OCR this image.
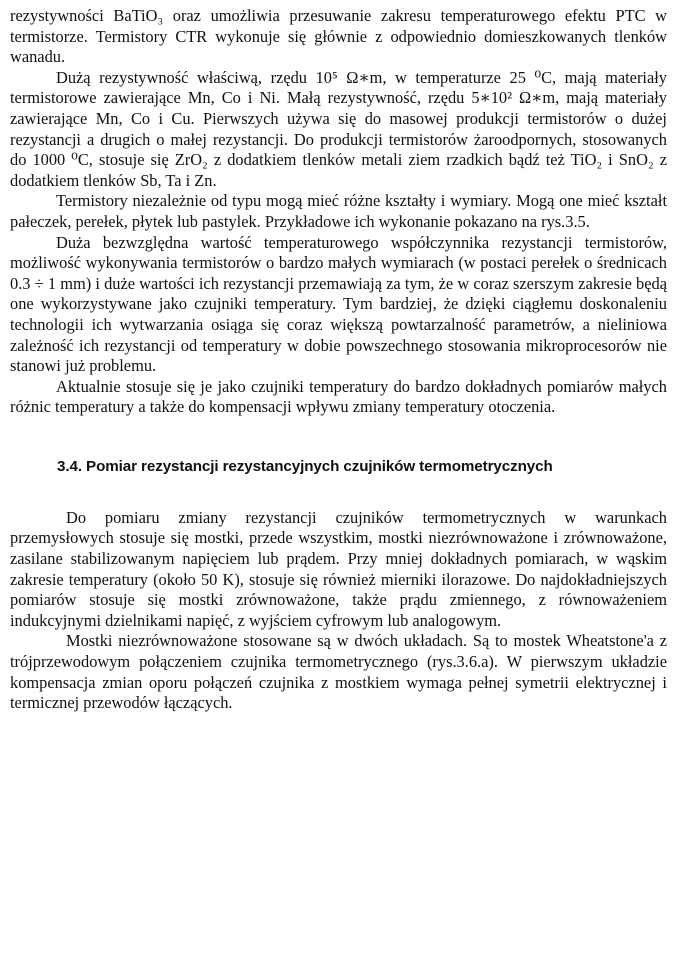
rezystywności BaTiO₃ oraz umożliwia przesuwanie zakresu temperaturowego efektu PTC w termistorze. Termistory CTR wykonuje się głównie z odpowiednio domieszkowanych tlenków wanadu.

Dużą rezystywność właściwą, rzędu 10⁵ Ω∗m, w temperaturze 25 ⁰C, mają materiały termistorowe zawierające Mn, Co i Ni. Małą rezystywność, rzędu 5∗10² Ω∗m, mają materiały zawierające Mn, Co i Cu. Pierwszych używa się do masowej produkcji termistorów o dużej rezystancji a drugich o małej rezystancji. Do produkcji termistorów żaroodpornych, stosowanych do 1000 ⁰C, stosuje się ZrO₂ z dodatkiem tlenków metali ziem rzadkich bądź też TiO₂ i SnO₂ z dodatkiem tlenków Sb, Ta i Zn.

Termistory niezależnie od typu mogą mieć różne kształty i wymiary. Mogą one mieć kształt pałeczek, perełek, płytek lub pastylek. Przykładowe ich wykonanie pokazano na rys.3.5.

Duża bezwzględna wartość temperaturowego współczynnika rezystancji termistorów, możliwość wykonywania termistorów o bardzo małych wymiarach (w postaci perełek o średnicach 0.3 ÷ 1 mm) i duże wartości ich rezystancji przemawiają za tym, że w coraz szerszym zakresie będą one wykorzystywane jako czujniki temperatury. Tym bardziej, że dzięki ciągłemu doskonaleniu technologii ich wytwarzania osiąga się coraz większą powtarzalność parametrów, a nieliniowa zależność ich rezystancji od temperatury w dobie powszechnego stosowania mikroprocesorów nie stanowi już problemu.

Aktualnie stosuje się je jako czujniki temperatury do bardzo dokładnych pomiarów małych różnic temperatury a także do kompensacji wpływu zmiany temperatury otoczenia.

3.4. Pomiar rezystancji rezystancyjnych czujników termometrycznych

Do pomiaru zmiany rezystancji czujników termometrycznych w warunkach przemysłowych stosuje się mostki, przede wszystkim, mostki niezrównoważone i zrównoważone, zasilane stabilizowanym napięciem lub prądem. Przy mniej dokładnych pomiarach, w wąskim zakresie temperatury (około 50 K), stosuje się również mierniki ilorazowe. Do najdokładniejszych pomiarów stosuje się mostki zrównoważone, także prądu zmiennego, z równoważeniem indukcyjnymi dzielnikami napięć, z wyjściem cyfrowym lub analogowym.

Mostki niezrównoważone stosowane są w dwóch układach. Są to mostek Wheatstone'a z trójprzewodowym połączeniem czujnika termometrycznego (rys.3.6.a). W pierwszym układzie kompensacja zmian oporu połączeń czujnika z mostkiem wymaga pełnej symetrii elektrycznej i termicznej przewodów łączących.
